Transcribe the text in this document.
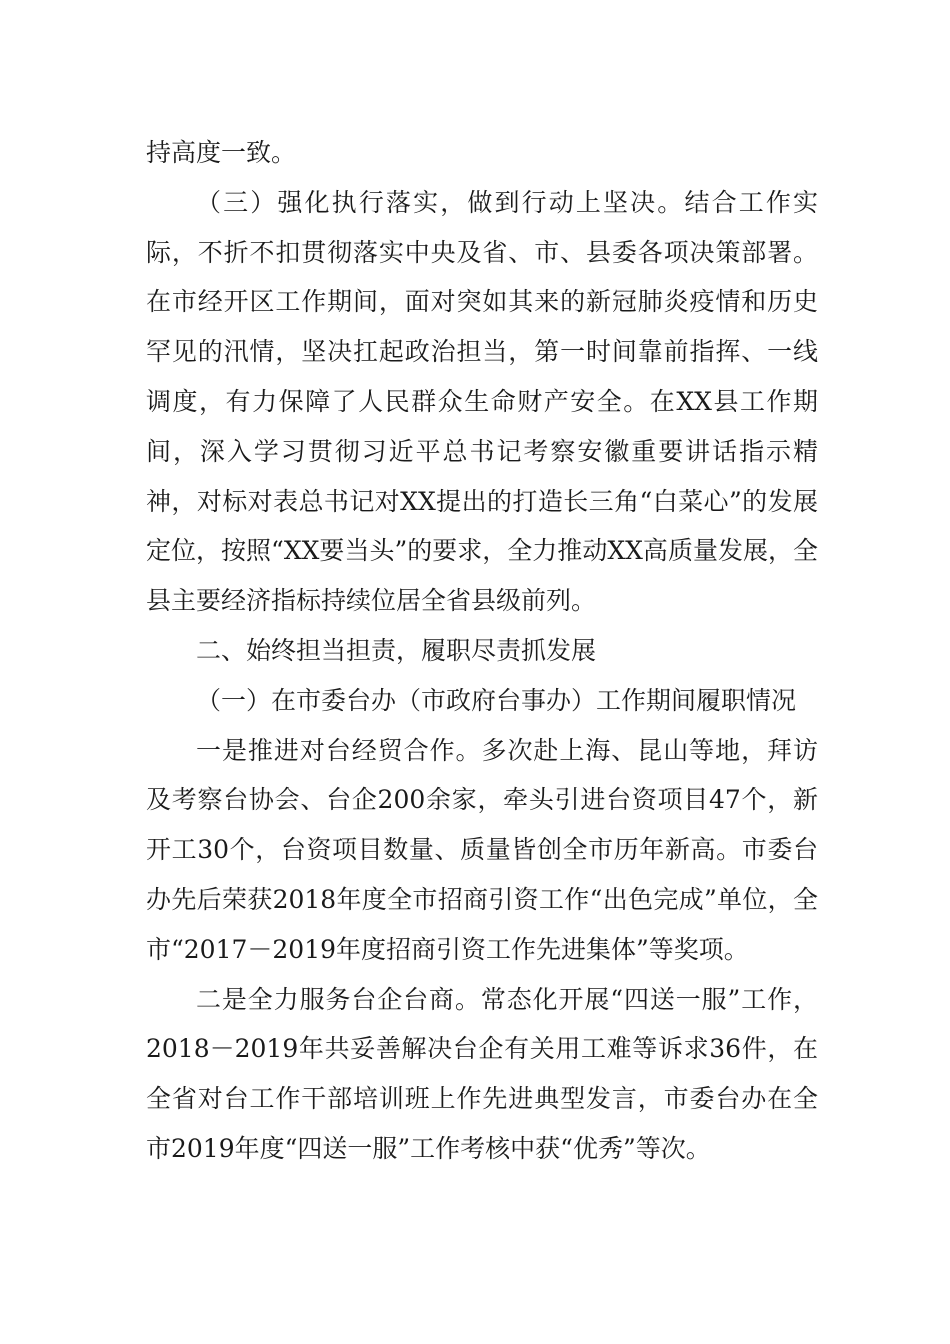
持高度一致。

（三）强化执行落实，做到行动上坚决。结合工作实际，不折不扣贯彻落实中央及省、市、县委各项决策部署。在市经开区工作期间，面对突如其来的新冠肺炎疫情和历史罕见的汛情，坚决扛起政治担当，第一时间靠前指挥、一线调度，有力保障了人民群众生命财产安全。在XX县工作期间，深入学习贯彻习近平总书记考察安徽重要讲话指示精神，对标对表总书记对XX提出的打造长三角“白菜心”的发展定位，按照“XX要当头”的要求，全力推动XX高质量发展，全县主要经济指标持续位居全省县级前列。

二、始终担当担责，履职尽责抓发展

（一）在市委台办（市政府台事办）工作期间履职情况

一是推进对台经贸合作。多次赴上海、昆山等地，拜访及考察台协会、台企200余家，牵头引进台资项目47个，新开工30个，台资项目数量、质量皆创全市历年新高。市委台办先后荣获2018年度全市招商引资工作“出色完成”单位，全市“2017－2019年度招商引资工作先进集体”等奖项。

二是全力服务台企台商。常态化开展“四送一服”工作，2018－2019年共妥善解决台企有关用工难等诉求36件，在全省对台工作干部培训班上作先进典型发言，市委台办在全市2019年度“四送一服”工作考核中获“优秀”等次。
